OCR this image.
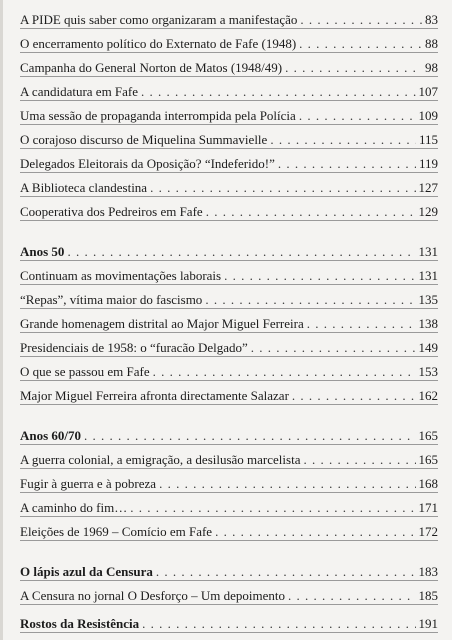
A PIDE quis saber como organizaram a manifestação . . .	83
O encerramento político do Externato de Fafe (1948) . . .	88
Campanha do General Norton de Matos (1948/49) . . .	98
A candidatura em Fafe . . .	107
Uma sessão de propaganda interrompida pela Polícia . . .	109
O corajoso discurso de Miquelina Summavielle . . .	115
Delegados Eleitorais da Oposição? “Indeferido!” . . .	119
A Biblioteca clandestina . . .	127
Cooperativa dos Pedreiros em Fafe . . .	129
Anos 50 . . .	131
Continuam as movimentações laborais . . .	131
“Repas”, vítima maior do fascismo . . .	135
Grande homenagem distrital ao Major Miguel Ferreira . . .	138
Presidenciais de 1958: o “furacão Delgado” . . .	149
O que se passou em Fafe . . .	153
Major Miguel Ferreira afronta directamente Salazar . . .	162
Anos 60/70 . . .	165
A guerra colonial, a emigração, a desilusão marcelista . . .	165
Fugir à guerra e à pobreza . . .	168
A caminho do fim… . . .	171
Eleições de 1969 – Comício em Fafe . . .	172
O lápis azul da Censura . . .	183
A Censura no jornal O Desforço – Um depoimento . . .	185
Rostos da Resistência . . .	191
